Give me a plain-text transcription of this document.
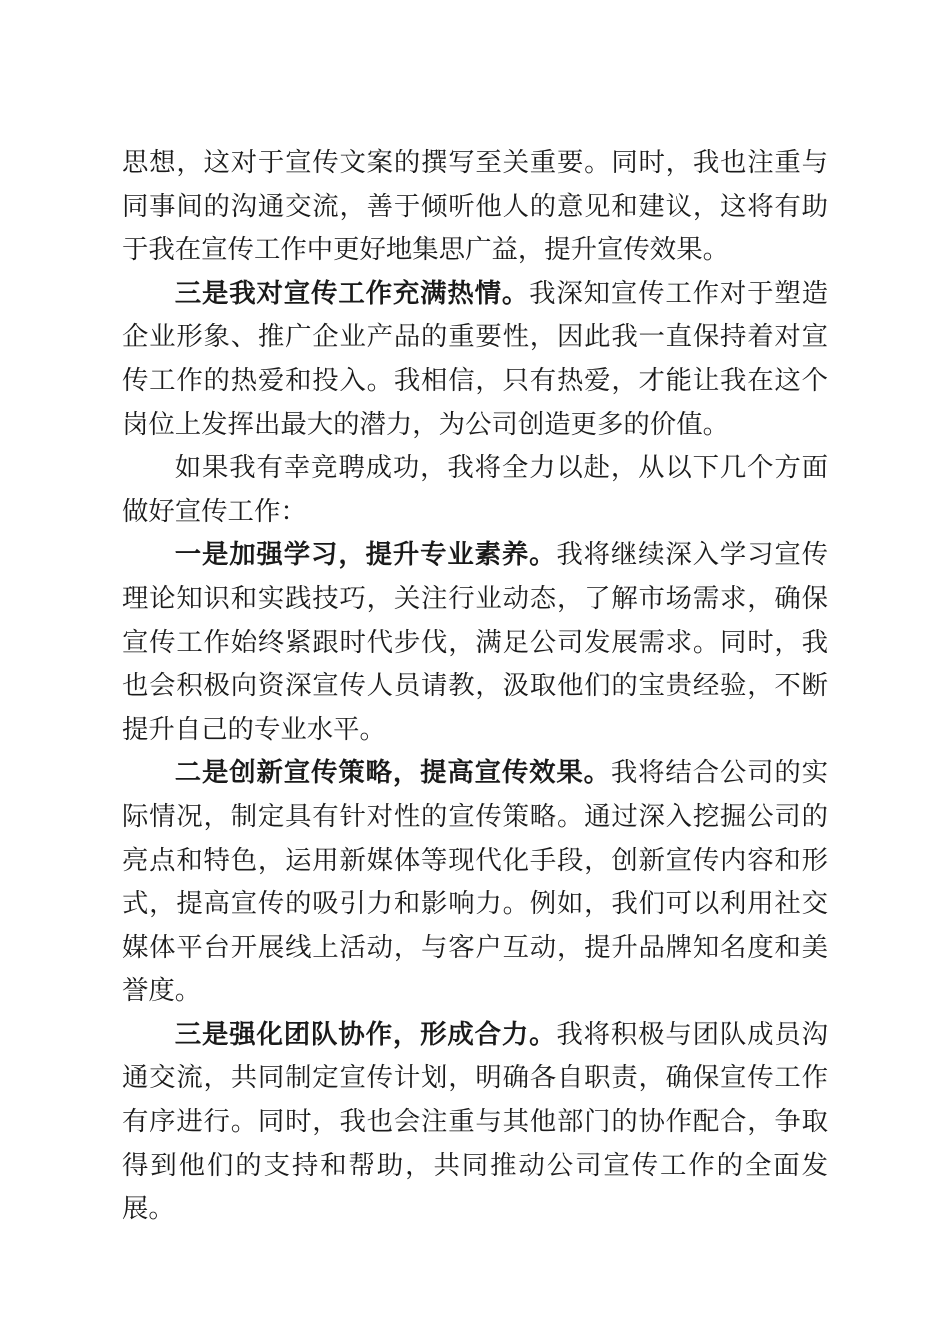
思想，这对于宣传文案的撰写至关重要。同时，我也注重与同事间的沟通交流，善于倾听他人的意见和建议，这将有助于我在宣传工作中更好地集思广益，提升宣传效果。

三是我对宣传工作充满热情。我深知宣传工作对于塑造企业形象、推广企业产品的重要性，因此我一直保持着对宣传工作的热爱和投入。我相信，只有热爱，才能让我在这个岗位上发挥出最大的潜力，为公司创造更多的价值。

如果我有幸竞聘成功，我将全力以赴，从以下几个方面做好宣传工作：

一是加强学习，提升专业素养。我将继续深入学习宣传理论知识和实践技巧，关注行业动态，了解市场需求，确保宣传工作始终紧跟时代步伐，满足公司发展需求。同时，我也会积极向资深宣传人员请教，汲取他们的宝贵经验，不断提升自己的专业水平。

二是创新宣传策略，提高宣传效果。我将结合公司的实际情况，制定具有针对性的宣传策略。通过深入挖掘公司的亮点和特色，运用新媒体等现代化手段，创新宣传内容和形式，提高宣传的吸引力和影响力。例如，我们可以利用社交媒体平台开展线上活动，与客户互动，提升品牌知名度和美誉度。

三是强化团队协作，形成合力。我将积极与团队成员沟通交流，共同制定宣传计划，明确各自职责，确保宣传工作有序进行。同时，我也会注重与其他部门的协作配合，争取得到他们的支持和帮助，共同推动公司宣传工作的全面发展。
